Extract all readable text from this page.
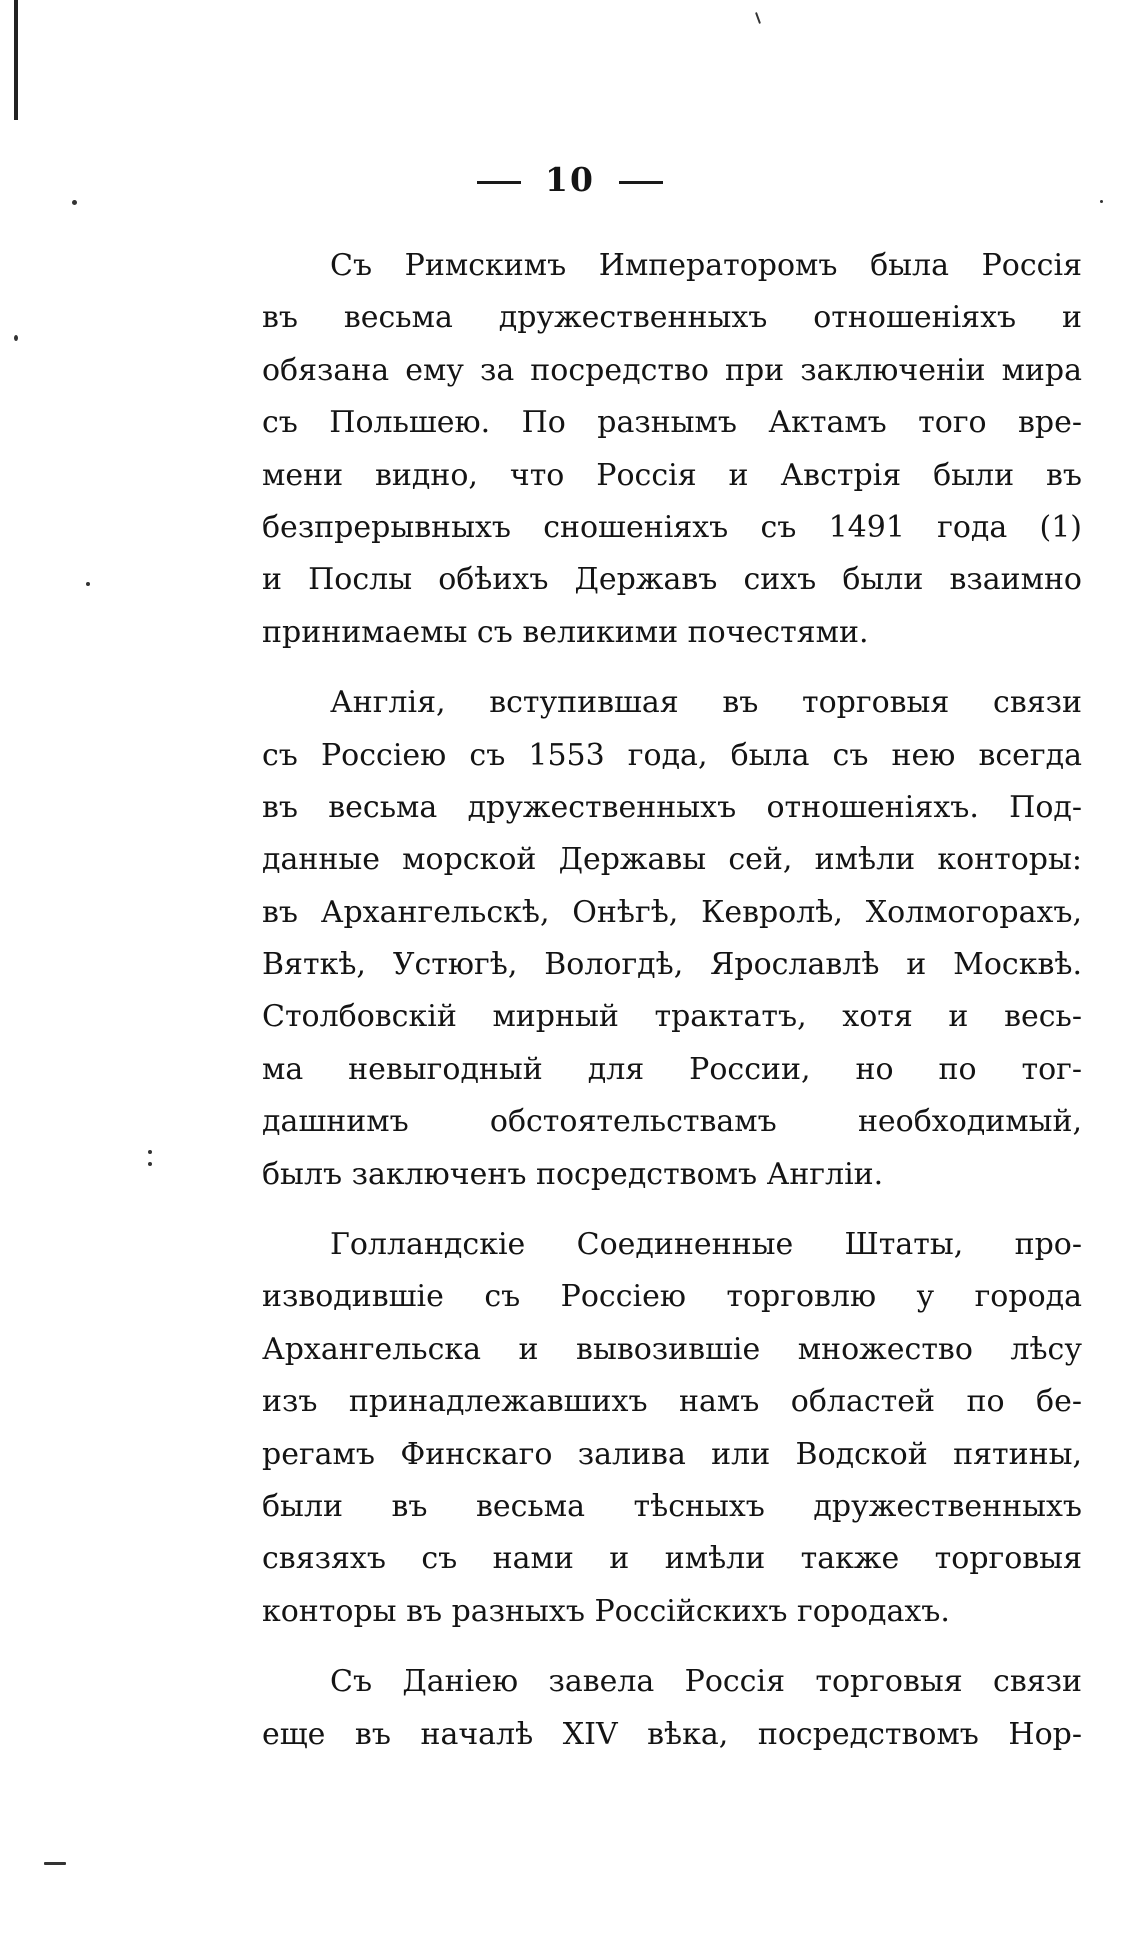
10
Съ Римскимъ Императоромъ была Россія
въ весьма дружественныхъ отношеніяхъ и
обязана ему за посредство при заключеніи мира
съ Польшею. По разнымъ Актамъ того вре-
мени видно, что Россія и Австрія были въ
безпрерывныхъ сношеніяхъ съ 1491 года (1)
и Послы обѣихъ Державъ сихъ были взаимно
принимаемы съ великими почестями.
Англія, вступившая въ торговыя связи
съ Россіею съ 1553 года, была съ нею всегда
въ весьма дружественныхъ отношеніяхъ. Под-
данные морской Державы сей, имѣли конторы:
въ Архангельскѣ, Онѣгѣ, Кевролѣ, Холмогорахъ,
Вяткѣ, Устюгѣ, Вологдѣ, Ярославлѣ и Москвѣ.
Столбовскій мирный трактатъ, хотя и весь-
ма невыгодный для России, но по тог-
дашнимъ обстоятельствамъ необходимый,
былъ заключенъ посредствомъ Англіи.
Голландскіе Соединенные Штаты, про-
изводившіе съ Россіею торговлю у города
Архангельска и вывозившіе множество лѣсу
изъ принадлежавшихъ намъ областей по бе-
регамъ Финскаго залива или Водской пятины,
были въ весьма тѣсныхъ дружественныхъ
связяхъ съ нами и имѣли также торговыя
конторы въ разныхъ Россійскихъ городахъ.
Съ Даніею завела Россія торговыя связи
еще въ началѣ XIV вѣка, посредствомъ Нор-
